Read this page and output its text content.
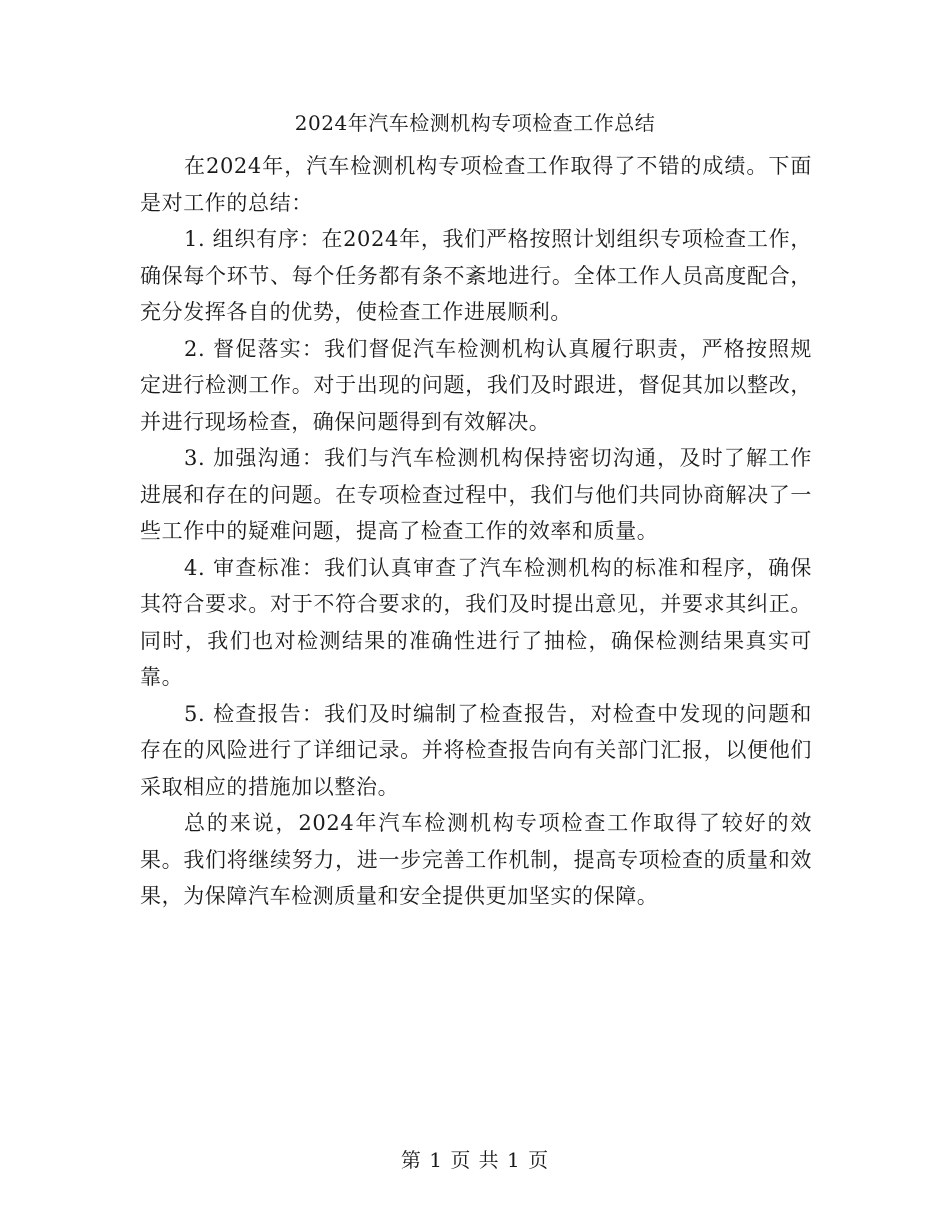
2024年汽车检测机构专项检查工作总结

在2024年，汽车检测机构专项检查工作取得了不错的成绩。下面是对工作的总结：

1. 组织有序：在2024年，我们严格按照计划组织专项检查工作，确保每个环节、每个任务都有条不紊地进行。全体工作人员高度配合，充分发挥各自的优势，使检查工作进展顺利。

2. 督促落实：我们督促汽车检测机构认真履行职责，严格按照规定进行检测工作。对于出现的问题，我们及时跟进，督促其加以整改，并进行现场检查，确保问题得到有效解决。

3. 加强沟通：我们与汽车检测机构保持密切沟通，及时了解工作进展和存在的问题。在专项检查过程中，我们与他们共同协商解决了一些工作中的疑难问题，提高了检查工作的效率和质量。

4. 审查标准：我们认真审查了汽车检测机构的标准和程序，确保其符合要求。对于不符合要求的，我们及时提出意见，并要求其纠正。同时，我们也对检测结果的准确性进行了抽检，确保检测结果真实可靠。

5. 检查报告：我们及时编制了检查报告，对检查中发现的问题和存在的风险进行了详细记录。并将检查报告向有关部门汇报，以便他们采取相应的措施加以整治。

总的来说，2024年汽车检测机构专项检查工作取得了较好的效果。我们将继续努力，进一步完善工作机制，提高专项检查的质量和效果，为保障汽车检测质量和安全提供更加坚实的保障。

第 1 页 共 1 页
